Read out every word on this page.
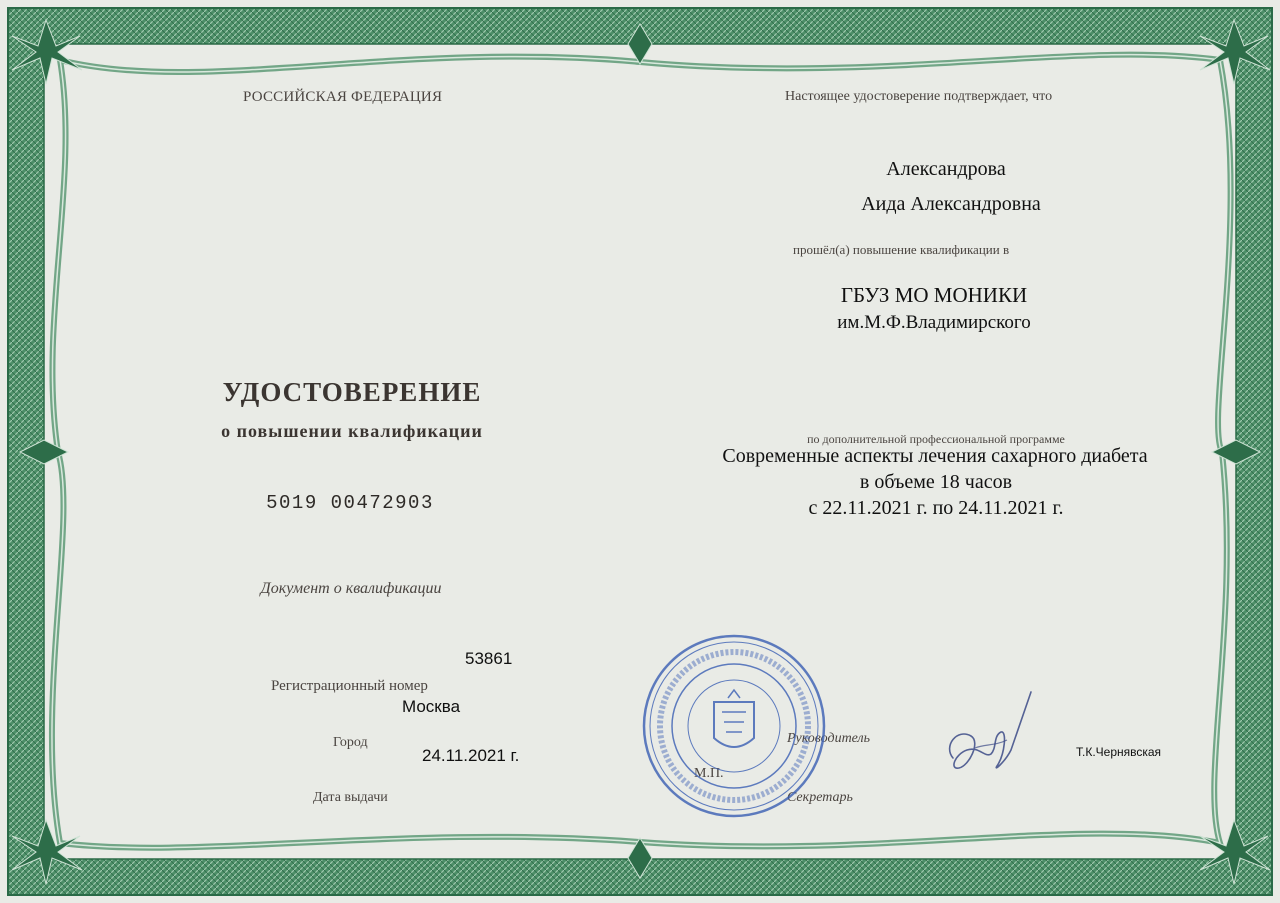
РОССИЙСКАЯ ФЕДЕРАЦИЯ
УДОСТОВЕРЕНИЕ
о повышении квалификации
5019 00472903
Документ о квалификации
53861
Регистрационный номер
Москва
Город
24.11.2021 г.
Дата выдачи
Настоящее удостоверение подтверждает, что
Александрова
Аида Александровна
прошёл(а) повышение квалификации в
ГБУЗ МО МОНИКИ
им.М.Ф.Владимирского
по дополнительной профессиональной программе
Современные аспекты лечения сахарного диабета
в объеме 18 часов
с 22.11.2021 г. по 24.11.2021 г.
Руководитель
Т.К.Чернявская
М.П.
Секретарь
